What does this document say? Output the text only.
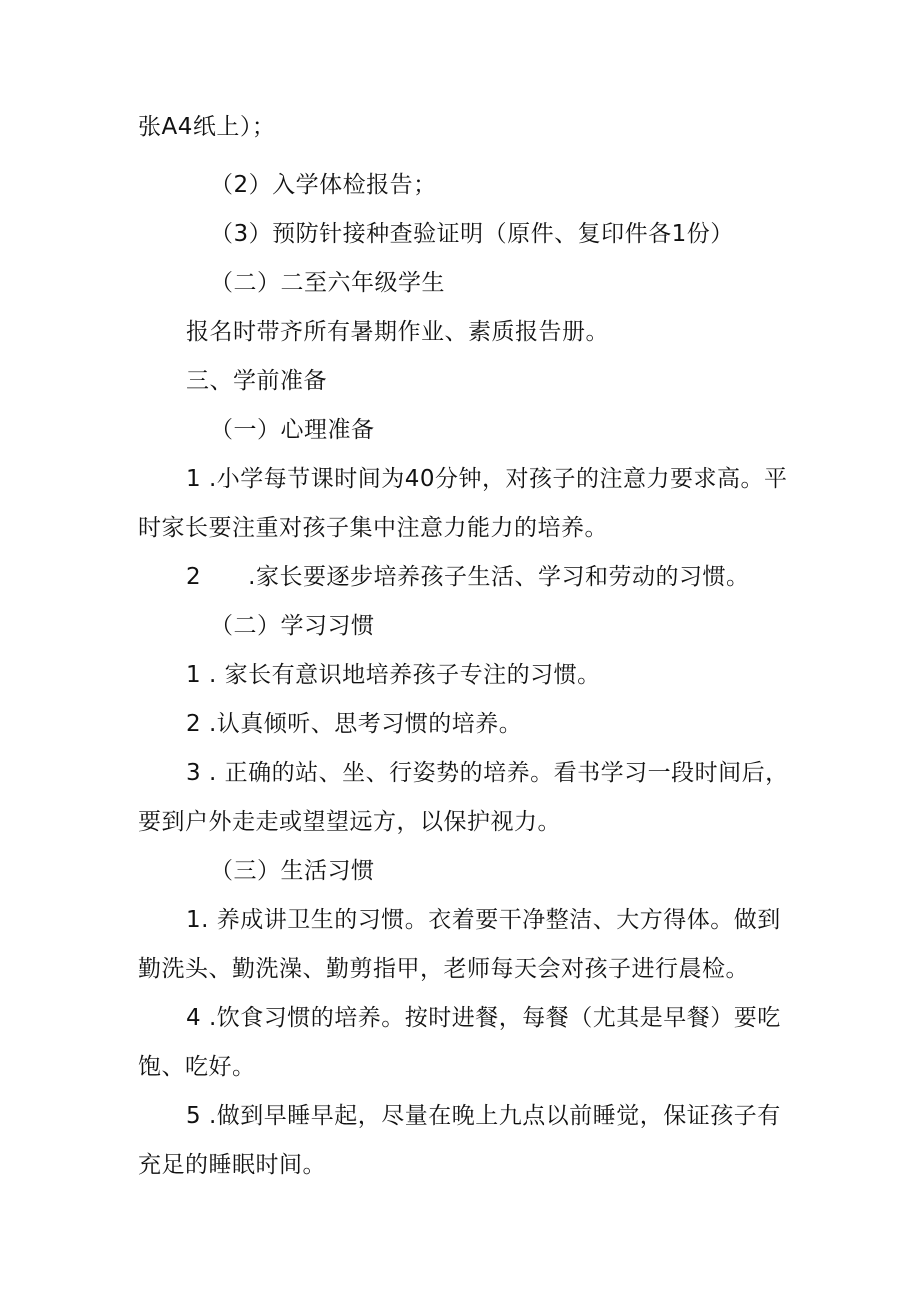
张A4纸上）；
（2）入学体检报告；
（3）预防针接种查验证明（原件、复印件各1份）
（二）二至六年级学生
报名时带齐所有暑期作业、素质报告册。
三、学前准备
（一）心理准备
1 .小学每节课时间为40分钟，对孩子的注意力要求高。平
时家长要注重对孩子集中注意力能力的培养。
2　　.家长要逐步培养孩子生活、学习和劳动的习惯。
（二）学习习惯
1 . 家长有意识地培养孩子专注的习惯。
2 .认真倾听、思考习惯的培养。
3 . 正确的站、坐、行姿势的培养。看书学习一段时间后，
要到户外走走或望望远方，以保护视力。
（三）生活习惯
1. 养成讲卫生的习惯。衣着要干净整洁、大方得体。做到
勤洗头、勤洗澡、勤剪指甲，老师每天会对孩子进行晨检。
4 .饮食习惯的培养。按时进餐，每餐（尤其是早餐）要吃
饱、吃好。
5 .做到早睡早起，尽量在晚上九点以前睡觉，保证孩子有
充足的睡眠时间。
